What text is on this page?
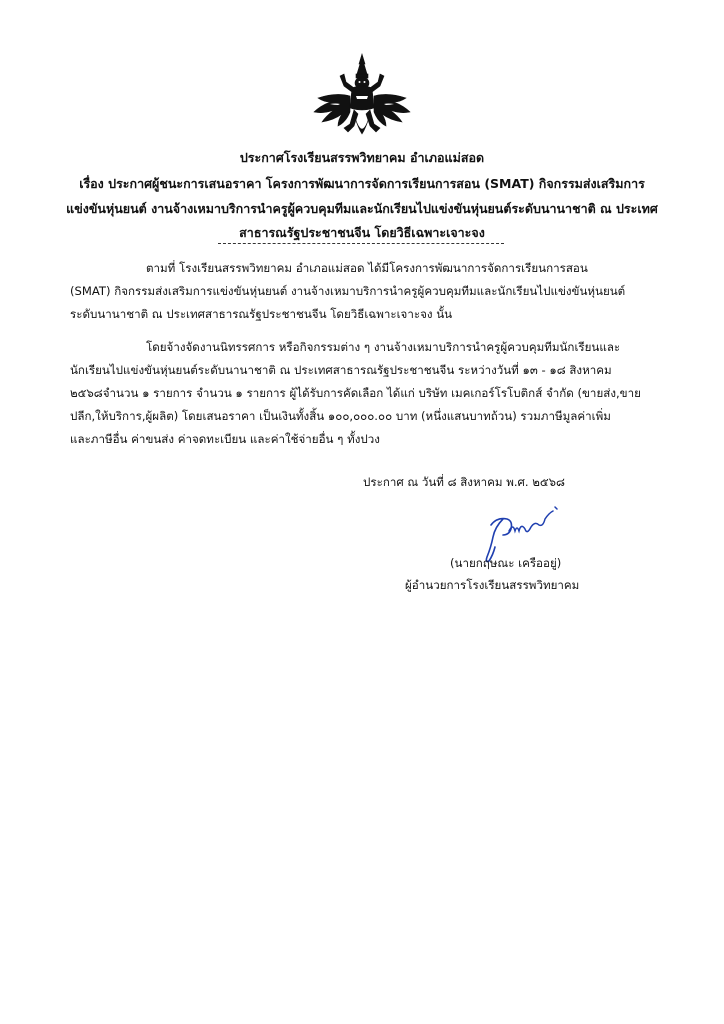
ประกาศโรงเรียนสรรพวิทยาคม อำเภอแม่สอด
เรื่อง ประกาศผู้ชนะการเสนอราคา โครงการพัฒนาการจัดการเรียนการสอน (SMAT) กิจกรรมส่งเสริมการ
แข่งขันหุ่นยนต์ งานจ้างเหมาบริการนำครูผู้ควบคุมทีมและนักเรียนไปแข่งขันหุ่นยนต์ระดับนานาชาติ ณ ประเทศ
สาธารณรัฐประชาชนจีน โดยวิธีเฉพาะเจาะจง
ตามที่ โรงเรียนสรรพวิทยาคม อำเภอแม่สอด ได้มีโครงการพัฒนาการจัดการเรียนการสอน
(SMAT) กิจกรรมส่งเสริมการแข่งขันหุ่นยนต์ งานจ้างเหมาบริการนำครูผู้ควบคุมทีมและนักเรียนไปแข่งขันหุ่นยนต์
ระดับนานาชาติ ณ ประเทศสาธารณรัฐประชาชนจีน โดยวิธีเฉพาะเจาะจง นั้น
โดยจ้างจัดงานนิทรรศการ หรือกิจกรรมต่าง ๆ งานจ้างเหมาบริการนำครูผู้ควบคุมทีมนักเรียนและ
นักเรียนไปแข่งขันหุ่นยนต์ระดับนานาชาติ ณ ประเทศสาธารณรัฐประชาชนจีน ระหว่างวันที่ ๑๓ - ๑๘ สิงหาคม
๒๕๖๘จำนวน ๑ รายการ จำนวน ๑ รายการ ผู้ได้รับการคัดเลือก ได้แก่ บริษัท เมคเกอร์โรโบติกส์ จำกัด (ขายส่ง,ขาย
ปลีก,ให้บริการ,ผู้ผลิต) โดยเสนอราคา เป็นเงินทั้งสิ้น ๑๐๐,๐๐๐.๐๐ บาท (หนึ่งแสนบาทถ้วน) รวมภาษีมูลค่าเพิ่ม
และภาษีอื่น ค่าขนส่ง ค่าจดทะเบียน และค่าใช้จ่ายอื่น ๆ ทั้งปวง
ประกาศ ณ วันที่ ๘ สิงหาคม พ.ศ. ๒๕๖๘
(นายกฤษณะ เครืออยู่)
ผู้อำนวยการโรงเรียนสรรพวิทยาคม
